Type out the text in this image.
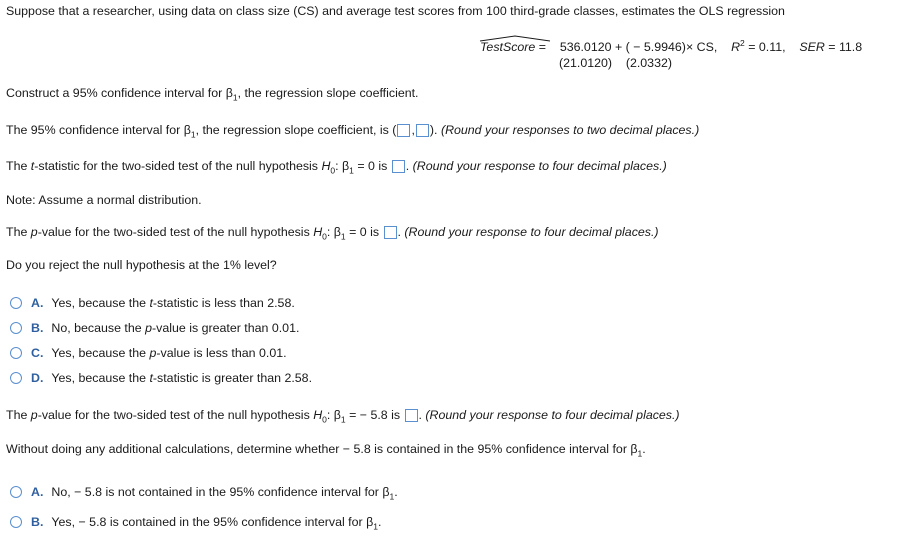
Suppose that a researcher, using data on class size (CS) and average test scores from 100 third-grade classes, estimates the OLS regression
TestScore = 536.0120 + ( − 5.9946)× CS, $R^2 = 0.11$, SER = 11.8
(21.0120) (2.0332)
Construct a 95% confidence interval for $\beta_1$, the regression slope coefficient.
The 95% confidence interval for $\beta_1$, the regression slope coefficient, is ( , ). (Round your responses to two decimal places.)
The t-statistic for the two-sided test of the null hypothesis $H_0$: $\beta_1 = 0$ is . (Round your response to four decimal places.)
Note: Assume a normal distribution.
The p-value for the two-sided test of the null hypothesis $H_0$: $\beta_1 = 0$ is . (Round your response to four decimal places.)
Do you reject the null hypothesis at the 1% level?
A. Yes, because the t-statistic is less than 2.58.
B. No, because the p-value is greater than 0.01.
C. Yes, because the p-value is less than 0.01.
D. Yes, because the t-statistic is greater than 2.58.
The p-value for the two-sided test of the null hypothesis $H_0$: $\beta_1$ = − 5.8 is . (Round your response to four decimal places.)
Without doing any additional calculations, determine whether − 5.8 is contained in the 95% confidence interval for $\beta_1$.
A. No, − 5.8 is not contained in the 95% confidence interval for $\beta_1$.
B. Yes, − 5.8 is contained in the 95% confidence interval for $\beta_1$.
